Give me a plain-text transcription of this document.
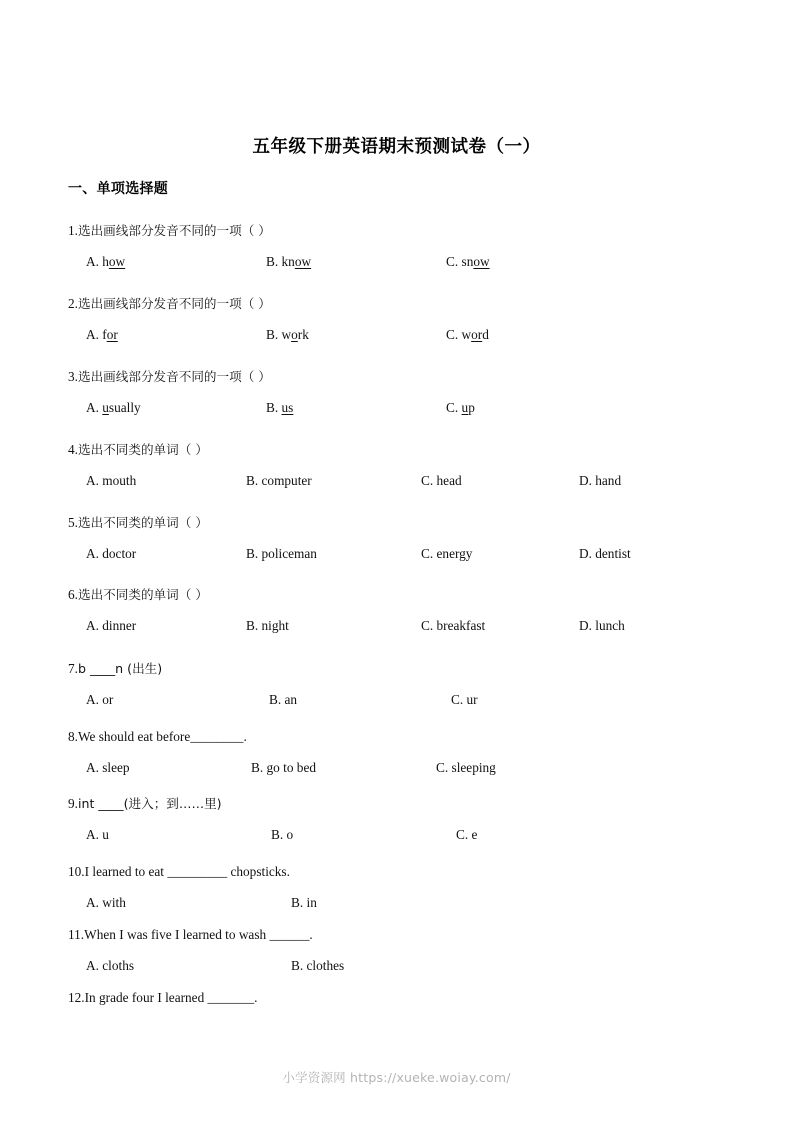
五年级下册英语期末预测试卷（一）
一、单项选择题
1.选出画线部分发音不同的一项（ ）
A. how	B. know	C. snow
2.选出画线部分发音不同的一项（ ）
A. for	B. work	C. word
3.选出画线部分发音不同的一项（ ）
A. usually	B. us	C. up
4.选出不同类的单词（ ）
A. mouth	B. computer	C. head	D. hand
5.选出不同类的单词（ ）
A. doctor	B. policeman	C. energy	D. dentist
6.选出不同类的单词（ ）
A. dinner	B. night	C. breakfast	D. lunch
7.b ____n (出生)
A. or	B. an	C. ur
8.We should eat before________.
A. sleep	B. go to bed	C. sleeping
9.int ____(进入；到……里)
A. u	B. o	C. e
10.I learned to eat _________ chopsticks.
A. with	B. in
11.When I was five I learned to wash ______.
A. cloths	B. clothes
12.In grade four I learned _______.
小学资源网 https://xueke.woiay.com/
